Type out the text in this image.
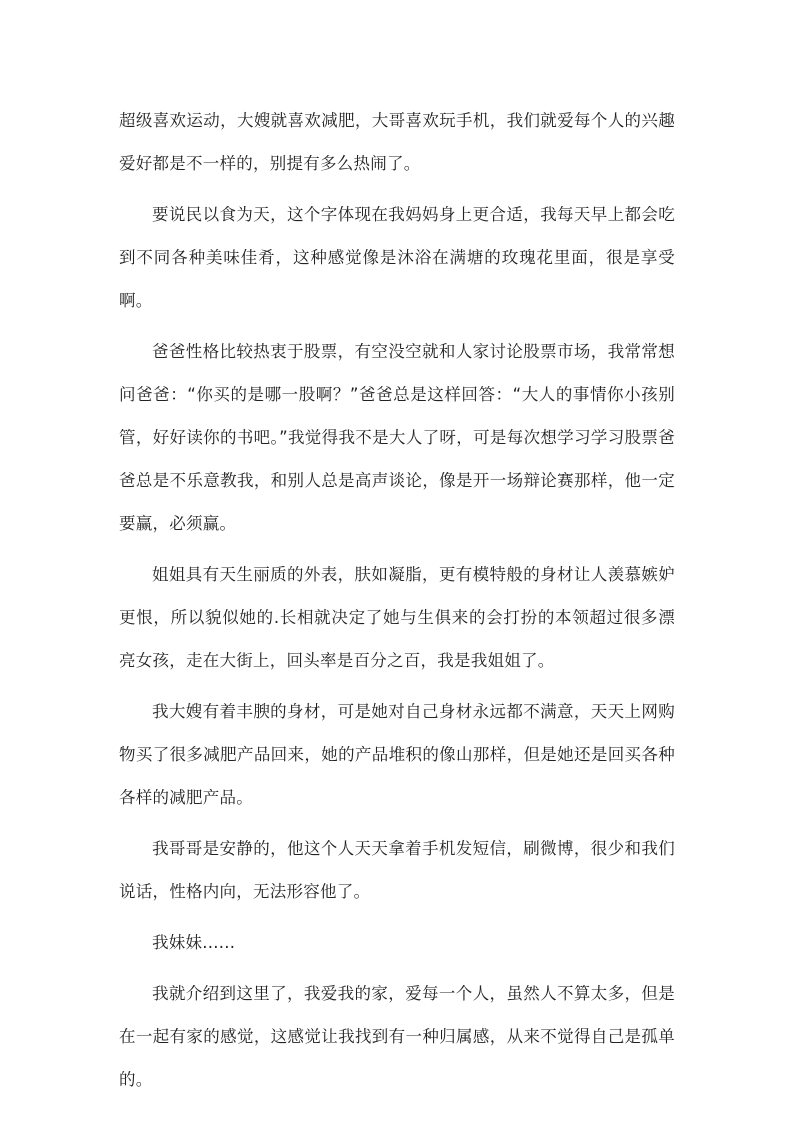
超级喜欢运动，大嫂就喜欢减肥，大哥喜欢玩手机，我们就爱每个人的兴趣爱好都是不一样的，别提有多么热闹了。

要说民以食为天，这个字体现在我妈妈身上更合适，我每天早上都会吃到不同各种美味佳肴，这种感觉像是沐浴在满塘的玫瑰花里面，很是享受啊。

爸爸性格比较热衷于股票，有空没空就和人家讨论股票市场，我常常想问爸爸：“你买的是哪一股啊？”爸爸总是这样回答：“大人的事情你小孩别管，好好读你的书吧。”我觉得我不是大人了呀，可是每次想学习学习股票爸爸总是不乐意教我，和别人总是高声谈论，像是开一场辩论赛那样，他一定要赢，必须赢。

姐姐具有天生丽质的外表，肤如凝脂，更有模特般的身材让人羡慕嫉妒更恨，所以貌似她的.长相就决定了她与生俱来的会打扮的本领超过很多漂亮女孩，走在大街上，回头率是百分之百，我是我姐姐了。

我大嫂有着丰腴的身材，可是她对自己身材永远都不满意，天天上网购物买了很多减肥产品回来，她的产品堆积的像山那样，但是她还是回买各种各样的减肥产品。

我哥哥是安静的，他这个人天天拿着手机发短信，刷微博，很少和我们说话，性格内向，无法形容他了。

我妹妹......

我就介绍到这里了，我爱我的家，爱每一个人，虽然人不算太多，但是在一起有家的感觉，这感觉让我找到有一种归属感，从来不觉得自己是孤单的。
